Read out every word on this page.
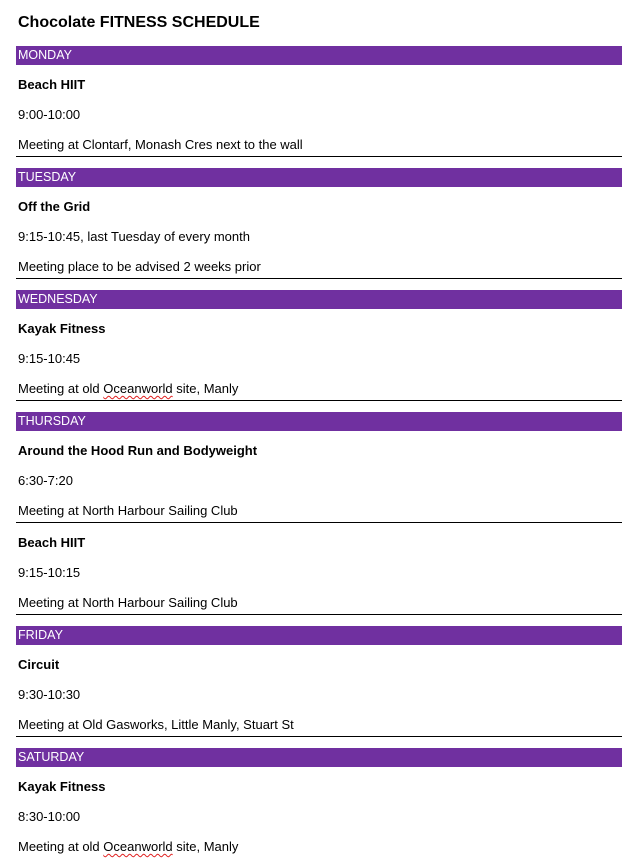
Chocolate FITNESS SCHEDULE
MONDAY
Beach HIIT
9:00-10:00
Meeting at Clontarf, Monash Cres next to the wall
TUESDAY
Off the Grid
9:15-10:45, last Tuesday of every month
Meeting place to be advised 2 weeks prior
WEDNESDAY
Kayak Fitness
9:15-10:45
Meeting at old Oceanworld site, Manly
THURSDAY
Around the Hood Run and Bodyweight
6:30-7:20
Meeting at North Harbour Sailing Club
Beach HIIT
9:15-10:15
Meeting at North Harbour Sailing Club
FRIDAY
Circuit
9:30-10:30
Meeting at Old Gasworks, Little Manly, Stuart St
SATURDAY
Kayak Fitness
8:30-10:00
Meeting at old Oceanworld site, Manly
